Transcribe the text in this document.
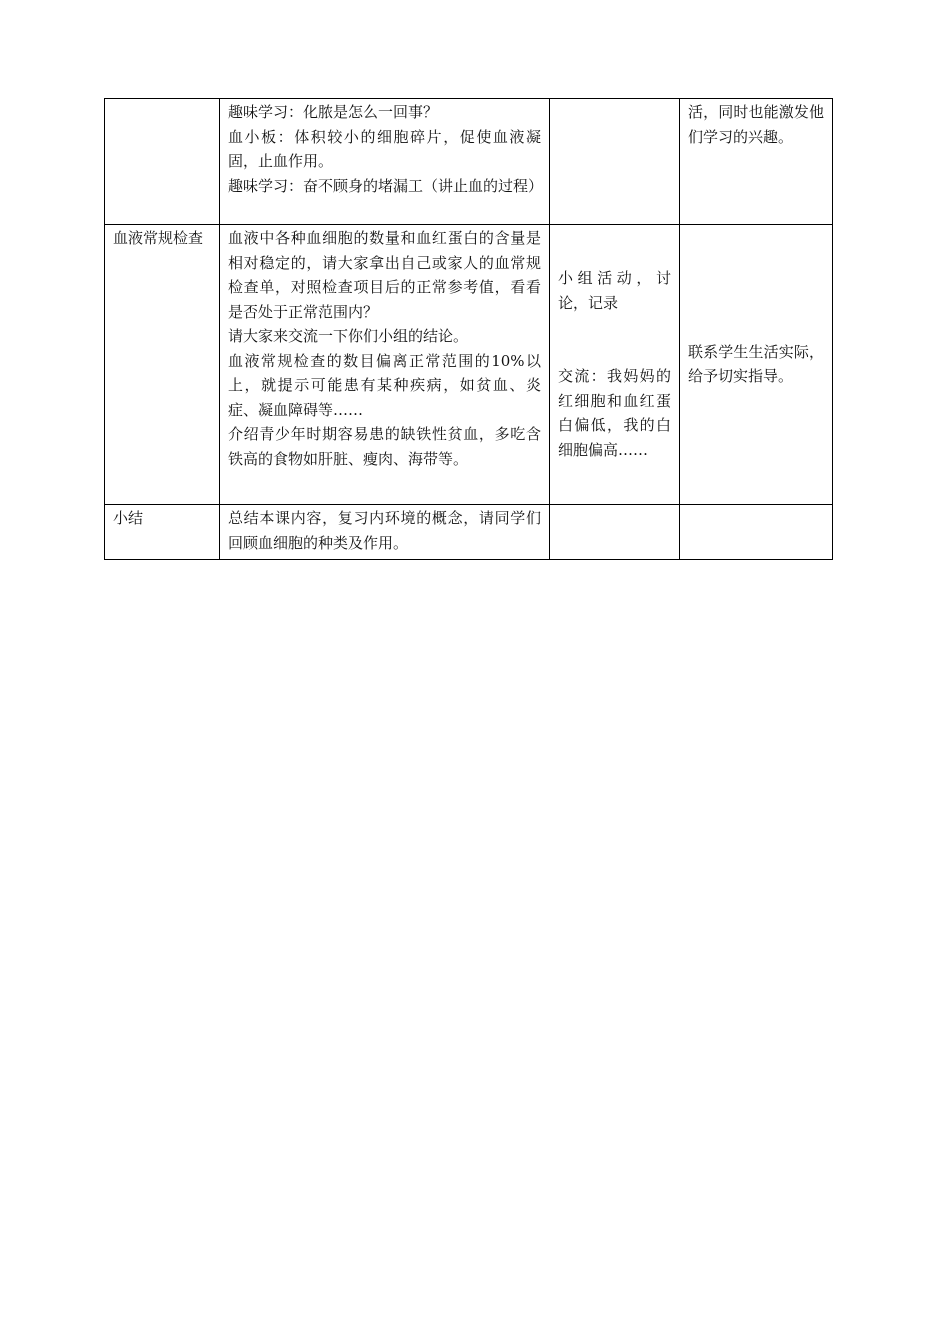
	趣味学习：化脓是怎么一回事？
血小板：体积较小的细胞碎片，促使血液凝固，止血作用。
趣味学习：奋不顾身的堵漏工（讲止血的过程）		活，同时也能激发他们学习的兴趣。
血液常规检查	血液中各种血细胞的数量和血红蛋白的含量是相对稳定的，请大家拿出自己或家人的血常规检查单，对照检查项目后的正常参考值，看看是否处于正常范围内？
请大家来交流一下你们小组的结论。
血液常规检查的数目偏离正常范围的10%以上，就提示可能患有某种疾病，如贫血、炎症、凝血障碍等……
介绍青少年时期容易患的缺铁性贫血，多吃含铁高的食物如肝脏、瘦肉、海带等。	小组活动，讨论，记录
交流：我妈妈的红细胞和血红蛋白偏低，我的白细胞偏高……	联系学生生活实际，给予切实指导。
小结	总结本课内容，复习内环境的概念，请同学们回顾血细胞的种类及作用。		
